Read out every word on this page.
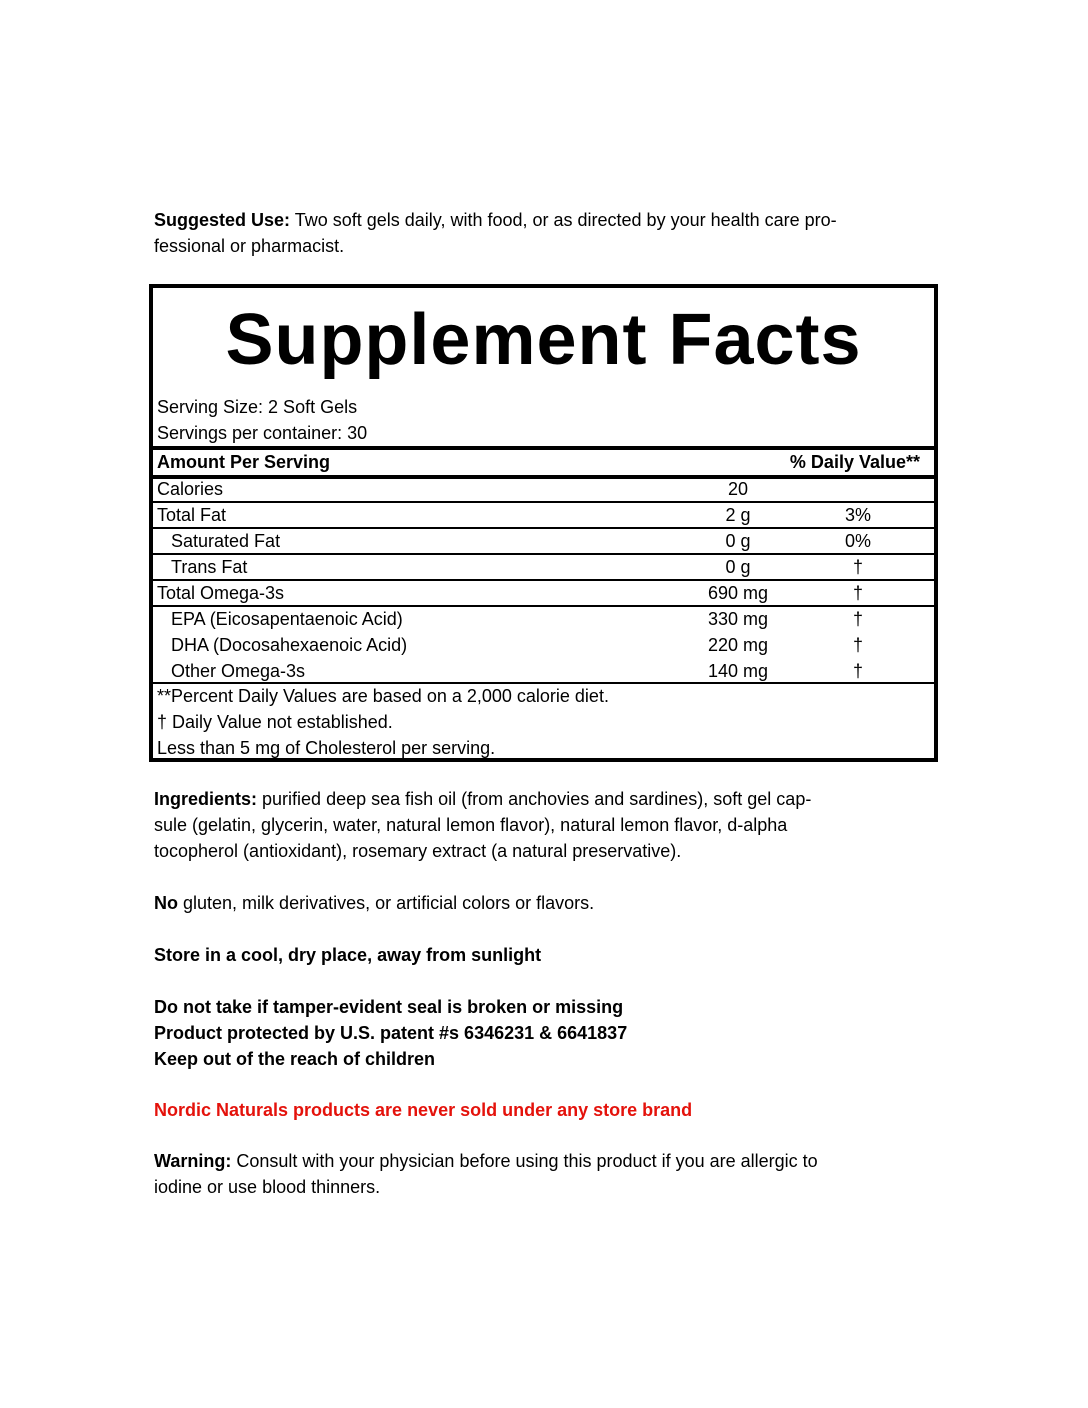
Suggested Use: Two soft gels daily, with food, or as directed by your health care pro-
fessional or pharmacist.
Supplement Facts
Serving Size: 2 Soft Gels
Servings per container: 30
Amount Per Serving	% Daily Value**
Calories	20
Total Fat	2 g	3%
Saturated Fat	0 g	0%
Trans Fat	0 g	†
Total Omega-3s	690 mg	†
EPA (Eicosapentaenoic Acid)	330 mg	†
DHA (Docosahexaenoic Acid)	220 mg	†
Other Omega-3s	140 mg	†
**Percent Daily Values are based on a 2,000 calorie diet.
† Daily Value not established.
Less than 5 mg of Cholesterol per serving.
Ingredients: purified deep sea fish oil (from anchovies and sardines), soft gel cap-
sule (gelatin, glycerin, water, natural lemon flavor), natural lemon flavor, d-alpha
tocopherol (antioxidant), rosemary extract (a natural preservative).
No gluten, milk derivatives, or artificial colors or flavors.
Store in a cool, dry place, away from sunlight
Do not take if tamper-evident seal is broken or missing
Product protected by U.S. patent #s 6346231 & 6641837
Keep out of the reach of children
Nordic Naturals products are never sold under any store brand
Warning: Consult with your physician before using this product if you are allergic to
iodine or use blood thinners.
